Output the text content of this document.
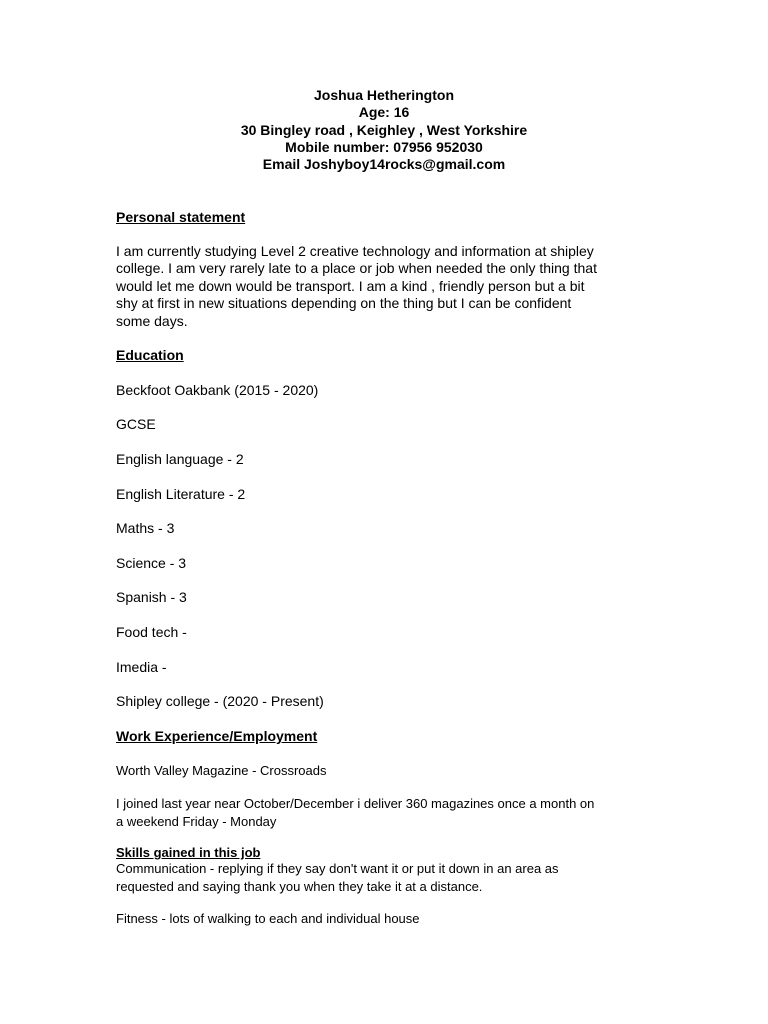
Joshua Hetherington
Age: 16
30 Bingley road , Keighley , West Yorkshire
Mobile number: 07956 952030
Email Joshyboy14rocks@gmail.com
Personal statement
I am currently studying Level 2 creative technology and information at shipley
college. I am very rarely late to a place or job when needed the only thing that
would let me down would be transport. I am a kind , friendly person but a bit
shy at first in new situations depending on the thing but I can be confident
some days.
Education
Beckfoot Oakbank (2015 - 2020)
GCSE
English language - 2
English Literature - 2
Maths - 3
Science - 3
Spanish - 3
Food tech -
Imedia -
Shipley college - (2020 - Present)
Work Experience/Employment
Worth Valley Magazine - Crossroads
I joined last year near October/December i deliver 360 magazines once a month on
a weekend Friday - Monday
Skills gained in this job
Communication - replying if they say don't want it or put it down in an area as
requested and saying thank you when they take it at a distance.
Fitness - lots of walking to each and individual house
